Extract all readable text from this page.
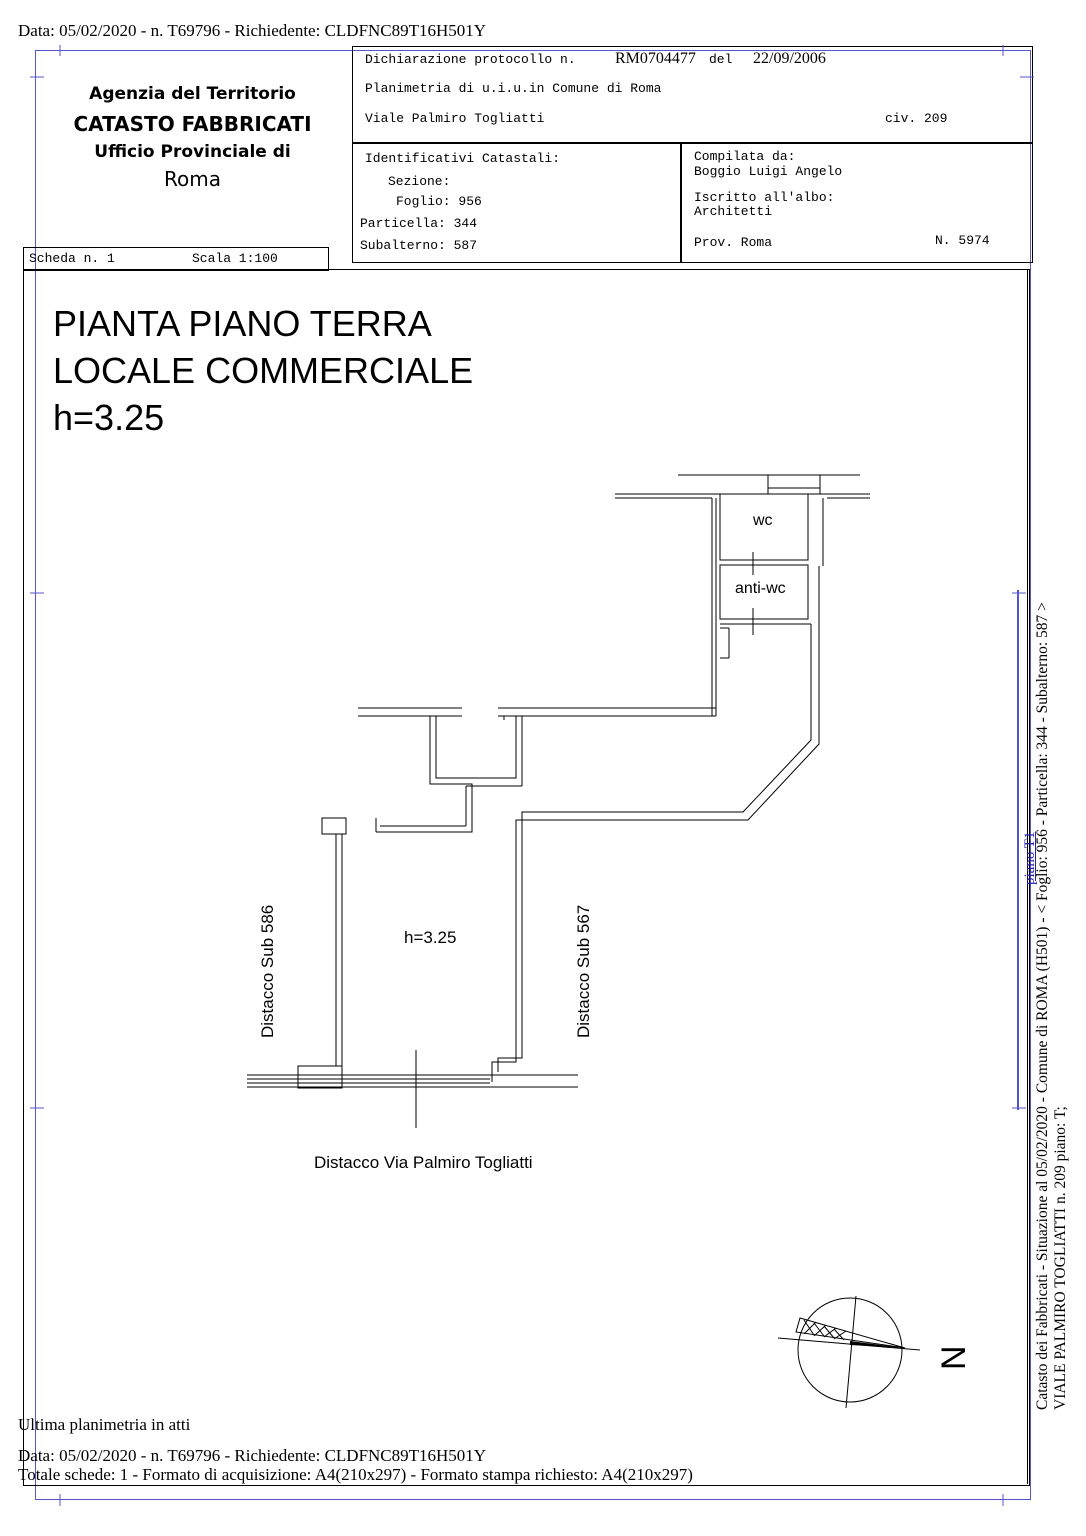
Data: 05/02/2020 - n. T69796 - Richiedente: CLDFNC89T16H501Y
Agenzia del Territorio
CATASTO FABBRICATI
Ufficio Provinciale di
Roma
Scheda n. 1	Scala 1:100
Dichiarazione protocollo n. RM0704477 del 22/09/2006
Planimetria di u.i.u.in Comune di Roma
Viale Palmiro Togliatti	civ. 209
Identificativi Catastali:
Sezione:
Foglio: 956
Particella: 344
Subalterno: 587
Compilata da:
Boggio Luigi Angelo
Iscritto all'albo:
Architetti
Prov. Roma	N. 5974
PIANTA PIANO TERRA
LOCALE COMMERCIALE
h=3.25
wc
anti-wc
h=3.25
Distacco Sub 586	Distacco Sub 567
Distacco Via Palmiro Togliatti
N
piano T1
Catasto dei Fabbricati - Situazione al 05/02/2020 - Comune di ROMA (H501) - < Foglio: 956 - Particella: 344 - Subalterno: 587 > VIALE PALMIRO TOGLIATTI n. 209 piano: T;
Ultima planimetria in atti
Data: 05/02/2020 - n. T69796 - Richiedente: CLDFNC89T16H501Y
Totale schede: 1 - Formato di acquisizione: A4(210x297) - Formato stampa richiesto: A4(210x297)
